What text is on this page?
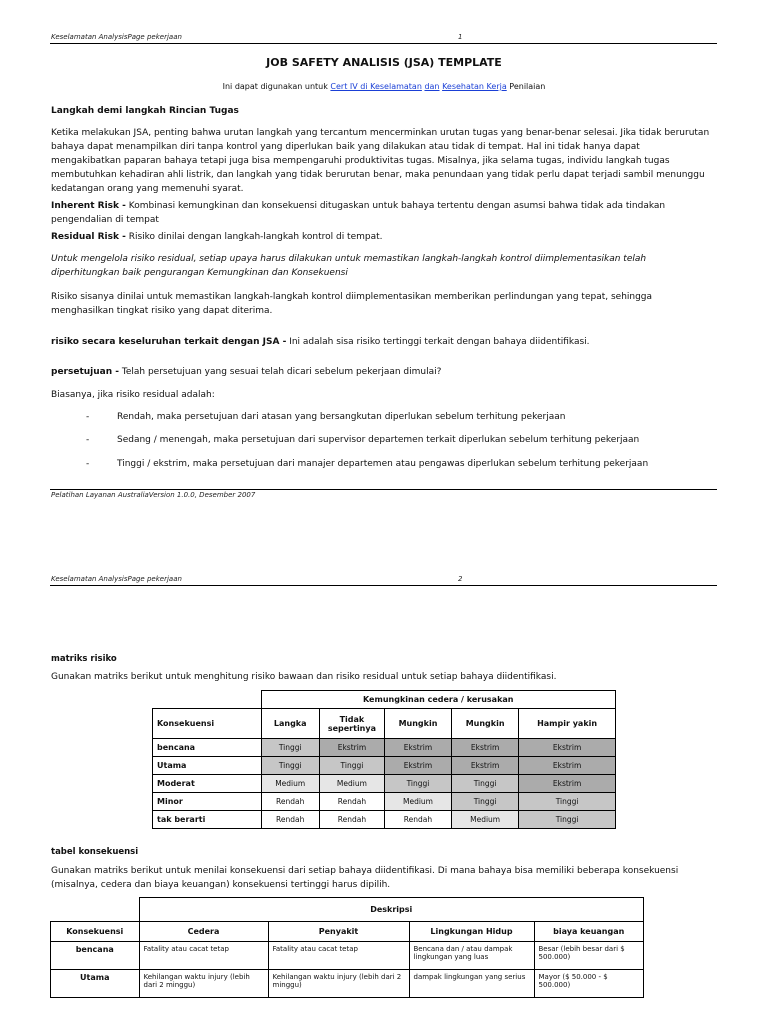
Keselamatan AnalysisPage pekerjaan	1
JOB SAFETY ANALISIS (JSA) TEMPLATE
Ini dapat digunakan untuk Cert IV di Keselamatan dan Kesehatan Kerja Penilaian
Langkah demi langkah Rincian Tugas
Ketika melakukan JSA, penting bahwa urutan langkah yang tercantum mencerminkan urutan tugas yang benar-benar selesai. Jika tidak berurutan bahaya dapat menampilkan diri tanpa kontrol yang diperlukan baik yang dilakukan atau tidak di tempat. Hal ini tidak hanya dapat mengakibatkan paparan bahaya tetapi juga bisa mempengaruhi produktivitas tugas. Misalnya, jika selama tugas, individu langkah tugas membutuhkan kehadiran ahli listrik, dan langkah yang tidak berurutan benar, maka penundaan yang tidak perlu dapat terjadi sambil menunggu kedatangan orang yang memenuhi syarat.
Inherent Risk - Kombinasi kemungkinan dan konsekuensi ditugaskan untuk bahaya tertentu dengan asumsi bahwa tidak ada tindakan pengendalian di tempat
Residual Risk - Risiko dinilai dengan langkah-langkah kontrol di tempat.
Untuk mengelola risiko residual, setiap upaya harus dilakukan untuk memastikan langkah-langkah kontrol diimplementasikan telah diperhitungkan baik pengurangan Kemungkinan dan Konsekuensi
Risiko sisanya dinilai untuk memastikan langkah-langkah kontrol diimplementasikan memberikan perlindungan yang tepat, sehingga menghasilkan tingkat risiko yang dapat diterima.
risiko secara keseluruhan terkait dengan JSA - Ini adalah sisa risiko tertinggi terkait dengan bahaya diidentifikasi.
persetujuan - Telah persetujuan yang sesuai telah dicari sebelum pekerjaan dimulai?
Biasanya, jika risiko residual adalah:
-	Rendah, maka persetujuan dari atasan yang bersangkutan diperlukan sebelum terhitung pekerjaan
-	Sedang / menengah, maka persetujuan dari supervisor departemen terkait diperlukan sebelum terhitung pekerjaan
-	Tinggi / ekstrim, maka persetujuan dari manajer departemen atau pengawas diperlukan sebelum terhitung pekerjaan
Pelatihan Layanan AustraliaVersion 1.0.0, Desember 2007
Keselamatan AnalysisPage pekerjaan	2
matriks risiko
Gunakan matriks berikut untuk menghitung risiko bawaan dan risiko residual untuk setiap bahaya diidentifikasi.
	Kemungkinan cedera / kerusakan				
Konsekuensi	Langka	Tidak sepertinya	Mungkin	Mungkin	Hampir yakin
bencana	Tinggi	Ekstrim	Ekstrim	Ekstrim	Ekstrim
Utama	Tinggi	Tinggi	Ekstrim	Ekstrim	Ekstrim
Moderat	Medium	Medium	Tinggi	Tinggi	Ekstrim
Minor	Rendah	Rendah	Medium	Tinggi	Tinggi
tak berarti	Rendah	Rendah	Rendah	Medium	Tinggi
tabel konsekuensi
Gunakan matriks berikut untuk menilai konsekuensi dari setiap bahaya diidentifikasi. Di mana bahaya bisa memiliki beberapa konsekuensi (misalnya, cedera dan biaya keuangan) konsekuensi tertinggi harus dipilih.
	Deskripsi			
Konsekuensi	Cedera	Penyakit	Lingkungan Hidup	biaya keuangan
bencana	Fatality atau cacat tetap	Fatality atau cacat tetap	Bencana dan / atau dampak lingkungan yang luas	Besar (lebih besar dari $ 500.000)
Utama	Kehilangan waktu injury (lebih dari 2 minggu)	Kehilangan waktu injury (lebih dari 2 minggu)	dampak lingkungan yang serius	Mayor ($ 50.000 - $ 500.000)
